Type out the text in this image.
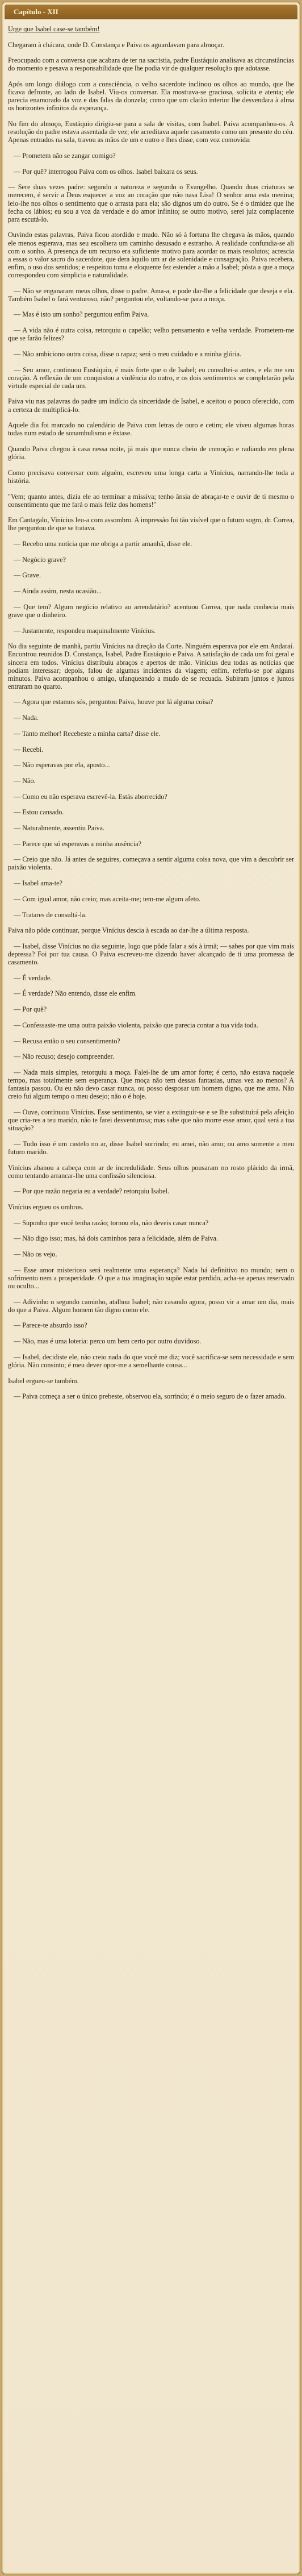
Capítulo - XII

Urge que Isabel case-se também!

Chegaram à chácara, onde D. Constança e Paiva os aguardavam para almoçar.

Preocupado com a conversa que acabara de ter na sacristia, padre Eustáquio analisava as circunstâncias do momento e pesava a responsabilidade que lhe podia vir de qualquer resolução que adotasse.

Após um longo diálogo com a consciência, o velho sacerdote inclinou os olhos ao mundo, que lhe ficava defronte, ao lado de Isabel. Viu-os conversar. Ela mostrava-se graciosa, solícita e atenta; ele parecia enamorado da voz e das falas da donzela; como que um clarão interior lhe desvendara à alma os horizontes infinitos da esperança.

No fim do almoço, Eustáquio dirigiu-se para a sala de visitas, com Isabel. Paiva acompanhou-os. A resolução do padre estava assentada de vez; ele acreditava aquele casamento como um presente do céu. Apenas entrados na sala, travou as mãos de um e outro e lhes disse, com voz comovida:

— Prometem não se zangar comigo?

— Por quê? interrogou Paiva com os olhos. Isabel baixara os seus.

— Sere duas vezes padre: segundo a natureza e segundo o Evangelho. Quando duas criaturas se merecem, é servir a Deus esquecer a voz ao coração que não nasa Lisa! O senhor ama esta menina; leio-lhe nos olhos o sentimento que o arrasta para ela; são dignos um do outro. Se é o timidez que lhe fecha os lábios; eu sou a voz da verdade e do amor infinito; se outro motivo, serei juiz complacente para escutá-lo.

Ouvindo estas palavras, Paiva ficou atordido e mudo. Não só à fortuna lhe chegava às mãos, quando ele menos esperava, mas seu escolhera um caminho desusado e estranho. A realidade confundia-se ali com o sonho. A presença de um recurso era suficiente motivo para acordar os mais resolutos; acrescia a essas o valor sacro do sacerdote, que dera àquilo um ar de solenidade e consagração. Paiva recebera, enfim, o uso dos sentidos; e respeitou toma e eloquente fez estender a mão a Isabel; pôsta a que a moça correspondeu com simplicia e naturalidade.

— Não se enganaram meus olhos, disse o padre. Ama-a, e pode dar-lhe a felicidade que deseja e ela. Também Isabel o fará venturoso, não? perguntou ele, voltando-se para a moça.

— Mas é isto um sonho? perguntou enfim Paiva.

— A vida não é outra coisa, retorquiu o capelão; velho pensamento e velha verdade. Prometem-me que se farão felizes?

— Não ambiciono outra coisa, disse o rapaz; será o meu cuidado e a minha glória.

— Seu amor, continuou Eustáquio, é mais forte que o de Isabel; eu consultei-a antes, e ela me seu coração. A reflexão de um conquistou a violência do outro, e os dois sentimentos se completarão pela virtude especial de cada um.

Paiva viu nas palavras do padre um indício da sinceridade de Isabel, e aceitou o pouco oferecido, com a certeza de multiplicá-lo.

Aquele dia foi marcado no calendário de Paiva com letras de ouro e cetim; ele viveu algumas horas todas num estado de sonambulismo e êxtase.

Quando Paiva chegou à casa nessa noite, já mais que nunca cheio de comoção e radiando em plena glória.

Como precisava conversar com alguém, escreveu uma longa carta a Vinícius, narrando-lhe toda a história.

"Vem; quanto antes, dizia ele ao terminar a missiva; tenho ânsia de abraçar-te e ouvir de ti mesmo o consentimento que me fará o mais feliz dos homens!"

Em Cantagalo, Vinícius leu-a com assombro. A impressão foi tão visível que o futuro sogro, dr. Correa, lhe perguntou de que se tratava.

— Recebo uma notícia que me obriga a partir amanhã, disse ele.

— Negócio grave?

— Grave.

— Ainda assim, nesta ocasião...

— Que tem? Algum negócio relativo ao arrendatário? acentuou Correa, que nada conhecia mais grave que o dinheiro.

— Justamente, respondeu maquinalmente Vinícius.

No dia seguinte de manhã, partiu Vinícius na direção da Corte. Ninguém esperava por ele em Andaraí. Encontrou reunidos D. Constança, Isabel, Padre Eustáquio e Paiva. A satisfação de cada um foi geral e sincera em todos. Vinícius distribuiu abraços e apertos de mão. Vinícius deu todas as notícias que podiam interessar; depois, falou de algumas incidentes da viagem; enfim, referiu-se por alguns minutos. Paiva acompanhou o amigo, ufanqueando a mudo de se recuada. Subiram juntos e juntos entraram no quarto.

— Agora que estamos sós, perguntou Paiva, houve por lá alguma coisa?

— Nada.

— Tanto melhor! Recebeste a minha carta? disse ele.

— Recebi.

— Não esperavas por ela, aposto...

— Não.

— Como eu não esperava escrevê-la. Estás aborrecido?

— Estou cansado.

— Naturalmente, assentiu Paiva.

— Parece que só esperavas a minha ausência?

— Creio que não. Já antes de seguires, começava a sentir alguma coisa nova, que vim a descobrir ser paixão violenta.

— Isabel ama-te?

— Com igual amor, não creio; mas aceita-me; tem-me algum afeto.

— Tratares de consultá-la.

Paiva não pôde continuar, porque Vinícius descia à escada ao dar-lhe a última resposta.

— Isabel, disse Vinícius no dia seguinte, logo que pôde falar a sós à irmã; — sabes por que vim mais depressa? Foi por tua causa. O Paiva escreveu-me dizendo haver alcançado de ti uma promessa de casamento.

— É verdade.

— É verdade? Não entendo, disse ele enfim.

— Por quê?

— Confessaste-me uma outra paixão violenta, paixão que parecia contar a tua vida toda.

— Recusa então o seu consentimento?

— Não recuso; desejo compreender.

— Nada mais simples, retorquiu a moça. Falei-lhe de um amor forte; é certo, não estava naquele tempo, mas totalmente sem esperança. Que moça não tem dessas fantasias, umas vez ao menos? A fantasia passou. Ou eu não devo casar nunca, ou posso desposar um homem digno, que me ama. Não creio fui algum tempo o meu desejo; não o é hoje.

— Ouve, continuou Vinícius. Esse sentimento, se vier a extinguir-se e se lhe substituirá pela afeição que cria-res a teu marido, não te farei desventurosa; mas sabe que não morre esse amor, qual será a tua situação?

— Tudo isso é um castelo no ar, disse Isabel sorrindo; eu amei, não amo; ou amo somente a meu futuro marido.

Vinícius abanou a cabeça com ar de incredulidade. Seus olhos pousaram no rosto plácido da irmã, como tentando arrancar-lhe uma confissão silenciosa.

— Por que razão negaria eu a verdade? retorquiu Isabel.

Vinícius ergueu os ombros.

— Suponho que você tenha razão; tornou ela, não deveis casar nunca?

— Não digo isso; mas, há dois caminhos para a felicidade, além de Paiva.

— Não os vejo.

— Esse amor misterioso será realmente uma esperança? Nada há definitivo no mundo; nem o sofrimento nem a prosperidade. O que a tua imaginação supõe estar perdido, acha-se apenas reservado ou oculto...

— Adivinho o segundo caminho, atalhou Isabel; não casando agora, posso vir a amar um dia, mais do que a Paiva. Algum homem tão digno como ele.

— Parece-te absurdo isso?

— Não, mas é uma loteria: perco um bem certo por outro duvidoso.

— Isabel, decidiste ele, não creio nada do que você me diz; você sacrifica-se sem necessidade e sem glória. Não consinto; é meu dever opor-me a semelhante cousa...

Isabel ergueu-se também.

— Paiva começa a ser o único prebeste, observou ela, sorrindo; é o meio seguro de o fazer amado.
